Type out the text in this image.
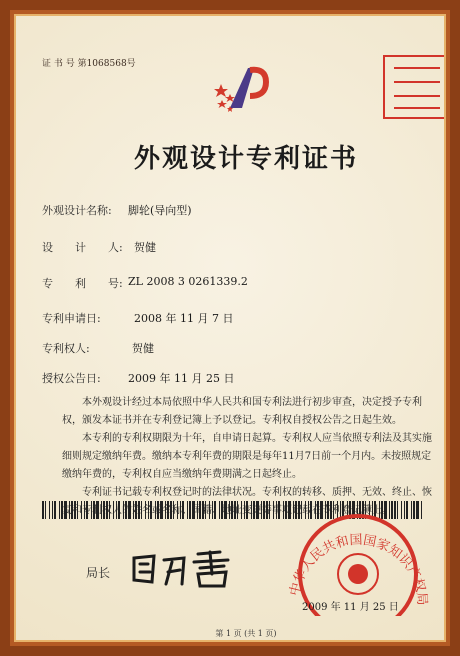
证 书 号 第1068568号
外观设计专利证书
外观设计名称: 脚轮(导向型)
设　　计　　人: 贺健
专　　利　　号: ZL 2008 3 0261339.2
专利申请日:	2008 年 11 月 7 日
专利权人:	贺健
授权公告日: 2009 年 11 月 25 日

本外观设计经过本局依照中华人民共和国专利法进行初步审查，决定授予专利权，颁发本证书并在专利登记簿上予以登记。专利权自授权公告之日起生效。

本专利的专利权期限为十年，自申请日起算。专利权人应当依照专利法及其实施细则规定缴纳年费。缴纳本专利年费的期限是每年11月7日前一个月内。未按照规定缴纳年费的，专利权自应当缴纳年费期满之日起终止。

专利证书记载专利权登记时的法律状况。专利权的转移、质押、无效、终止、恢 和 利权人的姓名或名称、国籍、地址变更等事项记载在专利登记簿上。

局长
中华人民共和国国家知识产权局
2009 年 11 月 25 日
第 1 页 (共 1 页)
